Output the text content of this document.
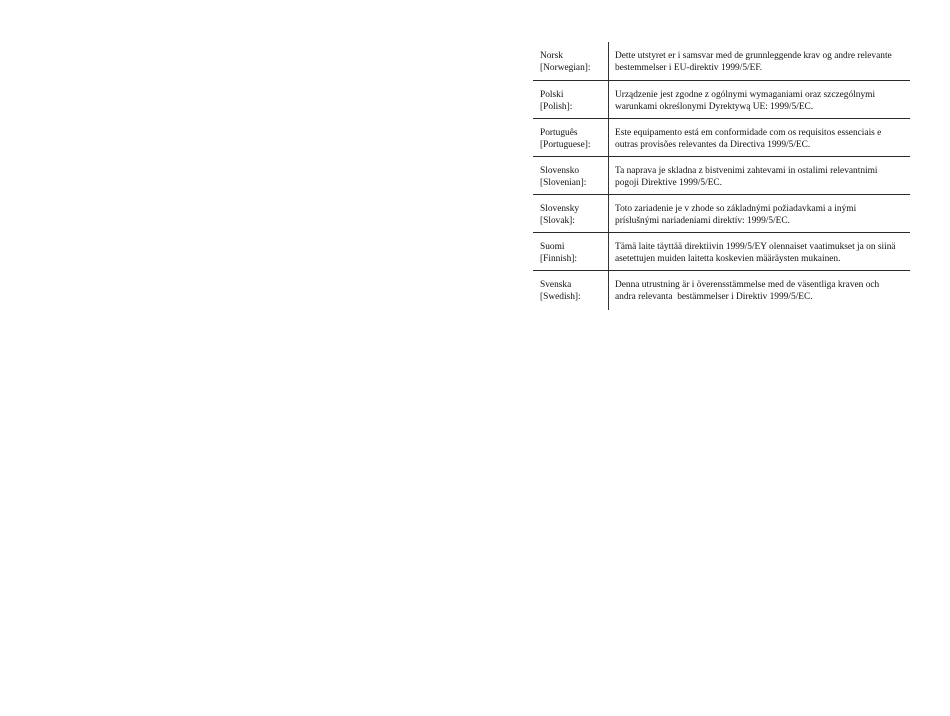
Norsk
[Norwegian]:
Dette utstyret er i samsvar med de grunnleggende krav og andre relevante
bestemmelser i EU-direktiv 1999/5/EF.
Polski
[Polish]:
Urządzenie jest zgodne z ogólnymi wymaganiami oraz szczególnymi
warunkami określonymi Dyrektywą UE: 1999/5/EC.
Português
[Portuguese]:
Este equipamento está em conformidade com os requisitos essenciais e
outras provisões relevantes da Directiva 1999/5/EC.
Slovensko
[Slovenian]:
Ta naprava je skladna z bistvenimi zahtevami in ostalimi relevantnimi
pogoji Direktive 1999/5/EC.
Slovensky
[Slovak]:
Toto zariadenie je v zhode so základnými požiadavkami a inými
príslušnými nariadeniami direktív: 1999/5/EC.
Suomi
[Finnish]:
Tämä laite täyttää direktiivin 1999/5/EY olennaiset vaatimukset ja on siinä
asetettujen muiden laitetta koskevien määräysten mukainen.
Svenska
[Swedish]:
Denna utrustning är i överensstämmelse med de väsentliga kraven och
andra relevanta  bestämmelser i Direktiv 1999/5/EC.
